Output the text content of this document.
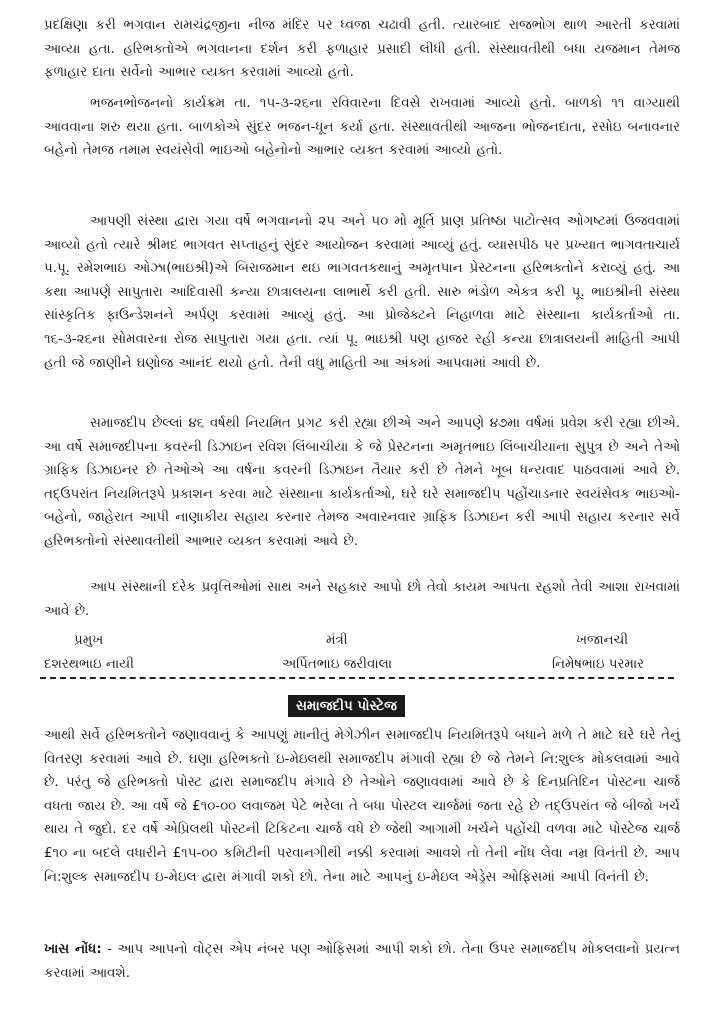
પ્રદક્ષિણા કરી ભગવાન રામચંદ્રજીના નીજ મંદિર પર ધ્વજા ચઢાવી હતી. ત્યારબાદ રાજભોગ થાળ આરતી કરવામાં આવ્યા હતા. હરિભક્તોએ ભગવાનના દર્શન કરી ફળાહાર પ્રસાદી લીધી હતી. સંસ્થાવતીથી બધા યજમાન તેમજ ફળાહાર દાતા સર્વેનો આભાર વ્યક્ત કરવામાં આવ્યો હતો.

ભજનભોજનનો કાર્યક્રમ તા. ૧૫-૩-૨૬ના રવિવારના દિવસે રાખવામાં આવ્યો હતો. બાળકો ૧૧ વાગ્યાથી આવવાના શરુ થયા હતા. બાળકોએ સુંદર ભજન-ધૂન કર્યા હતા. સંસ્થાવતીથી આજના ભોજનદાતા, રસોઇ બનાવનાર બહેનો તેમજ તમામ સ્વયંસેવી ભાઇઓ બહેનોનો આભાર વ્યક્ત કરવામાં આવ્યો હતો.

આપણી સંસ્થા દ્વારા ગયા વર્ષે ભગવાનનો ૨૫ અને ૫૦ મો મૂર્તિ પ્રાણ પ્રતિષ્ઠા પાટોત્સવ ઓગષ્ટમાં ઉજવવામાં આવ્યો હતો ત્યારે શ્રીમદ ભાગવત સપ્તાહનું સુંદર આયોજન કરવામાં આવ્યું હતું. વ્યાસપીઠ પર પ્રખ્યાત ભાગવતાચાર્ય પ.પૂ. રમેશભાઇ ઓઝા(ભાઇશ્રી)એ બિરાજમાન થઇ ભાગવતકથાનું અમૃતપાન પ્રેસ્ટનના હરિભક્તોને કરાવ્યું હતું. આ કથા આપણે સાપુતારા આદિવાસી કન્યા છાત્રાલયના લાભાર્થે કરી હતી. સારુ ભંડોળ એકત્ર કરી પૂ. ભાઇશ્રીની સંસ્થા સાંસ્કૃતિક ફાઉન્ડેશનને અર્પણ કરવામાં આવ્યું હતું. આ પ્રોજેક્ટને નિહાળવા માટે સંસ્થાના કાર્યકર્તાઓ તા. ૧૬-૩-૨૬ના સોમવારના રોજ સાપુતારા ગયા હતા. ત્યાં પૂ. ભાઇશ્રી પણ હાજર રહી કન્યા છાત્રાલયની માહિતી આપી હતી જે જાણીને ઘણોજ આનંદ થયો હતો. તેની વધુ માહિતી આ અંકમાં આપવામાં આવી છે.

સમાજદીપ છેલ્લાં ૪૬ વર્ષથી નિયમિત પ્રગટ કરી રહ્યા છીએ અને આપણે ૪૭મા વર્ષમાં પ્રવેશ કરી રહ્યા છીએ. આ વર્ષે સમાજદીપના કવરની ડિઝાઇન રવિશ લિંબાચીયા કે જે પ્રેસ્ટનના અમૃતભાઇ લિંબાચીયાના સુપુત્ર છે અને તેઓ ગ્રાફિક ડિઝાઇનર છે તેઓએ આ વર્ષના કવરની ડિઝાઇન તૈયાર કરી છે તેમને ખૂબ ધન્યવાદ પાઠવવામાં આવે છે. તદ્ઉપરાંત નિયમિતરૂપે પ્રકાશન કરવા માટે સંસ્થાના કાર્યકર્તાઓ, ઘરે ઘરે સમાજદીપ પહોંચાડનાર સ્વયંસેવક ભાઇઓ-બહેનો, જાહેરાત આપી નાણાકીય સહાય કરનાર તેમજ અવારનવાર ગ્રાફિક ડિઝાઇન કરી આપી સહાય કરનાર સર્વે હરિભક્તોનો સંસ્થાવતીથી આભાર વ્યક્ત કરવામાં આવે છે.

આપ સંસ્થાની દરેક પ્રવૃત્તિઓમાં સાથ અને સહકાર આપો છો તેવો કાયમ આપતા રહશો તેવી આશા રાખવામાં આવે છે.

પ્રમુખ	મંત્રી	ખજાનચી
દશરથભાઇ નાયી	અર્પિતભાઇ જરીવાલા	નિમેષભાઇ પરમાર
સમાજદીપ પોસ્ટેજ

આથી સર્વે હરિભક્તોને જણાવવાનું કે આપણું માનીતું મેગેઝીન સમાજદીપ નિયમિતરૂપે બધાને મળે તે માટે ઘરે ઘરે તેનું વિતરણ કરવામાં આવે છે. ઘણા હરિભક્તો ઇ-મેઇલથી સમાજદીપ મંગાવી રહ્યા છે જે તેમને નિ:શુલ્ક મોકલવામાં આવે છે. પરંતુ જે હરિભક્તો પોસ્ટ દ્વારા સમાજદીપ મંગાવે છે તેઓને જણાવવામાં આવે છે કે દિનપ્રતિદિન પોસ્ટના ચાર્જ વધતા જાય છે. આ વર્ષે જે £૧૦-૦૦ લવાજમ પેટે ભરેલા તે બધા પોસ્ટલ ચાર્જમાં જતા રહે છે તદ્ઉપરાંત જે બીજો ખર્ચ થાય તે જુદો. દર વર્ષે એપ્રિલથી પોસ્ટની ટિકિટના ચાર્જ વધે છે જેથી આગામી ખર્ચને પહોંચી વળવા માટે પોસ્ટેજ ચાર્જ £૧૦ ના બદલે વધારીને £૧૫-૦૦ કમિટીની પરવાનગીથી નક્કી કરવામાં આવશે તો તેની નોંધ લેવા નમ્ર વિનંતી છે. આપ નિ:શુલ્ક સમાજદીપ ઇ-મેઇલ દ્વારા મંગાવી શકો છો. તેના માટે આપનું ઇ-મેઇલ એડ્રેસ ઓફિસમાં આપી વિનંતી છે.

ખાસ નોંધ: - આપ આપનો વોટ્સ એપ નંબર પણ ઓફિસમાં આપી શકો છો. તેના ઉપર સમાજદીપ મોકલવાનો પ્રયત્ન કરવામાં આવશે.
